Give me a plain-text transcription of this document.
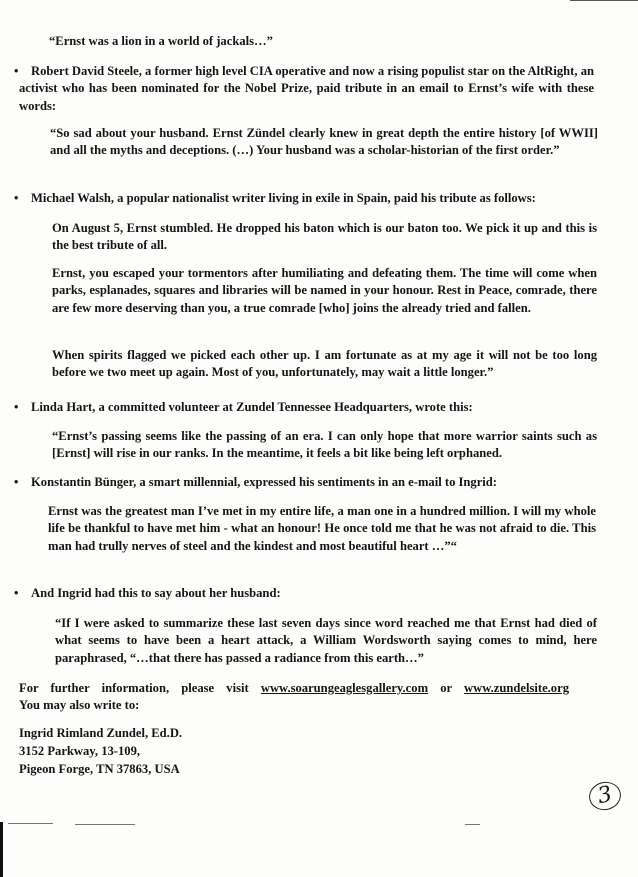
“Ernst was a lion in a world of jackals…”

• Robert David Steele, a former high level CIA operative and now a rising populist star on the AltRight, an activist who has been nominated for the Nobel Prize, paid tribute in an email to Ernst’s wife with these words:

“So sad about your husband. Ernst Zündel clearly knew in great depth the entire history [of WWII] and all the myths and deceptions. (…) Your husband was a scholar-historian of the first order.”

• Michael Walsh, a popular nationalist writer living in exile in Spain, paid his tribute as follows:

On August 5, Ernst stumbled. He dropped his baton which is our baton too. We pick it up and this is the best tribute of all.

Ernst, you escaped your tormentors after humiliating and defeating them. The time will come when parks, esplanades, squares and libraries will be named in your honour. Rest in Peace, comrade, there are few more deserving than you, a true comrade [who] joins the already tried and fallen.

When spirits flagged we picked each other up. I am fortunate as at my age it will not be too long before we two meet up again. Most of you, unfortunately, may wait a little longer.”

• Linda Hart, a committed volunteer at Zundel Tennessee Headquarters, wrote this:

“Ernst’s passing seems like the passing of an era. I can only hope that more warrior saints such as [Ernst] will rise in our ranks. In the meantime, it feels a bit like being left orphaned.

• Konstantin Bünger, a smart millennial, expressed his sentiments in an e-mail to Ingrid:

Ernst was the greatest man I’ve met in my entire life, a man one in a hundred million. I will my whole life be thankful to have met him - what an honour! He once told me that he was not afraid to die. This man had trully nerves of steel and the kindest and most beautiful heart …”“

• And Ingrid had this to say about her husband:

“If I were asked to summarize these last seven days since word reached me that Ernst had died of what seems to have been a heart attack, a William Wordsworth saying comes to mind, here paraphrased, “…that there has passed a radiance from this earth…”

For further information, please visit www.soarungeaglesgallery.com or www.zundelsite.org

You may also write to:

Ingrid Rimland Zundel, Ed.D.

3152 Parkway, 13-109,

Pigeon Forge, TN 37863, USA

3
